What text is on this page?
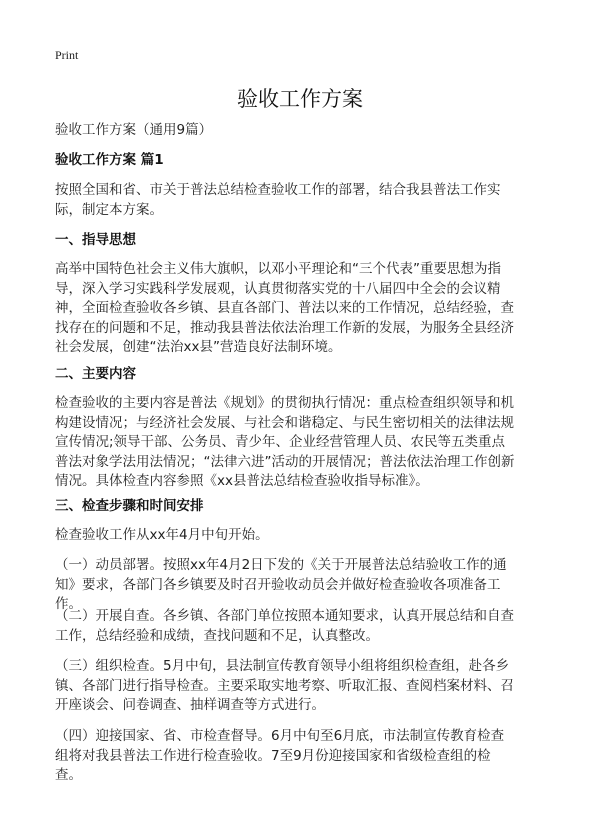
Print
验收工作方案
验收工作方案（通用9篇）
验收工作方案 篇1
按照全国和省、市关于普法总结检查验收工作的部署，结合我县普法工作实际，制定本方案。
一、指导思想
高举中国特色社会主义伟大旗帜，以邓小平理论和“三个代表”重要思想为指导，深入学习实践科学发展观，认真贯彻落实党的十八届四中全会的会议精神，全面检查验收各乡镇、县直各部门、普法以来的工作情况，总结经验，查找存在的问题和不足，推动我县普法依法治理工作新的发展，为服务全县经济社会发展，创建“法治xx县”营造良好法制环境。
二、主要内容
检查验收的主要内容是普法《规划》的贯彻执行情况：重点检查组织领导和机构建设情况；与经济社会发展、与社会和谐稳定、与民生密切相关的法律法规宣传情况;领导干部、公务员、青少年、企业经营管理人员、农民等五类重点普法对象学法用法情况；“法律六进”活动的开展情况；普法依法治理工作创新情况。具体检查内容参照《xx县普法总结检查验收指导标准》。
三、检查步骤和时间安排
检查验收工作从xx年4月中旬开始。
（一）动员部署。按照xx年4月2日下发的《关于开展普法总结验收工作的通知》要求，各部门各乡镇要及时召开验收动员会并做好检查验收各项准备工作。
（二）开展自查。各乡镇、各部门单位按照本通知要求，认真开展总结和自查工作，总结经验和成绩，查找问题和不足，认真整改。
（三）组织检查。5月中旬，县法制宣传教育领导小组将组织检查组，赴各乡镇、各部门进行指导检查。主要采取实地考察、听取汇报、查阅档案材料、召开座谈会、问卷调查、抽样调查等方式进行。
（四）迎接国家、省、市检查督导。6月中旬至6月底，市法制宣传教育检查组将对我县普法工作进行检查验收。7至9月份迎接国家和省级检查组的检查。
